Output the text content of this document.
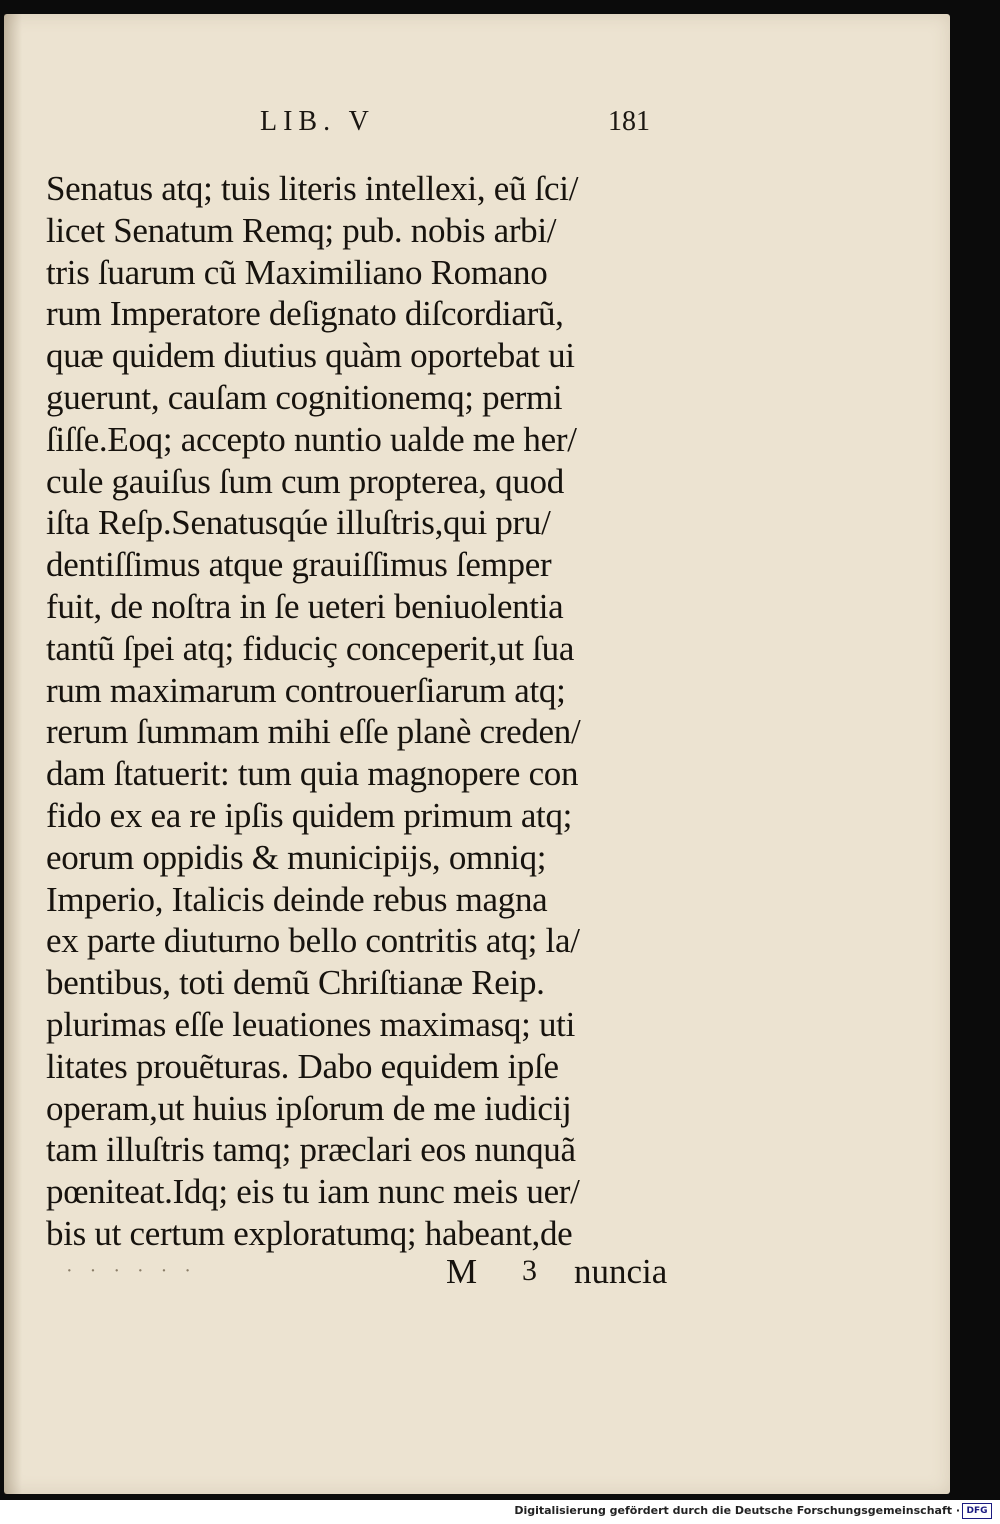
LIB. V	181
Senatus atq; tuis literis intellexi, eũ ſci/
licet Senatum Remq; pub. nobis arbi/
tris ſuarum cũ Maximiliano Romano
rum Imperatore deſignato diſcordiarũ,
quæ quidem diutius quàm oportebat ui
guerunt, cauſam cognitionemq; permi
ſiſſe.Eoq; accepto nuntio ualde me her/
cule gauiſus ſum cum propterea, quod
iſta Reſp.Senatusqúe illuſtris,qui pru/
dentiſſimus atque grauiſſimus ſemper
fuit, de noſtra in ſe ueteri beniuolentia
tantũ ſpei atq; fiduciç conceperit,ut ſua
rum maximarum controuerſiarum atq;
rerum ſummam mihi eſſe planè creden/
dam ſtatuerit: tum quia magnopere con
fido ex ea re ipſis quidem primum atq;
eorum oppidis & municipijs, omniq;
Imperio, Italicis deinde rebus magna
ex parte diuturno bello contritis atq; la/
bentibus, toti demũ Chriſtianæ Reip.
plurimas eſſe leuationes maximasq; uti
litates prouẽturas. Dabo equidem ipſe
operam,ut huius ipſorum de me iudicij
tam illuſtris tamq; præclari eos nunquã
pœniteat.Idq; eis tu iam nunc meis uer/
bis ut certum exploratumq; habeant,de
· · · · · ·	M 3 nuncia
Digitalisierung gefördert durch die Deutsche Forschungsgemeinschaft · DFG
